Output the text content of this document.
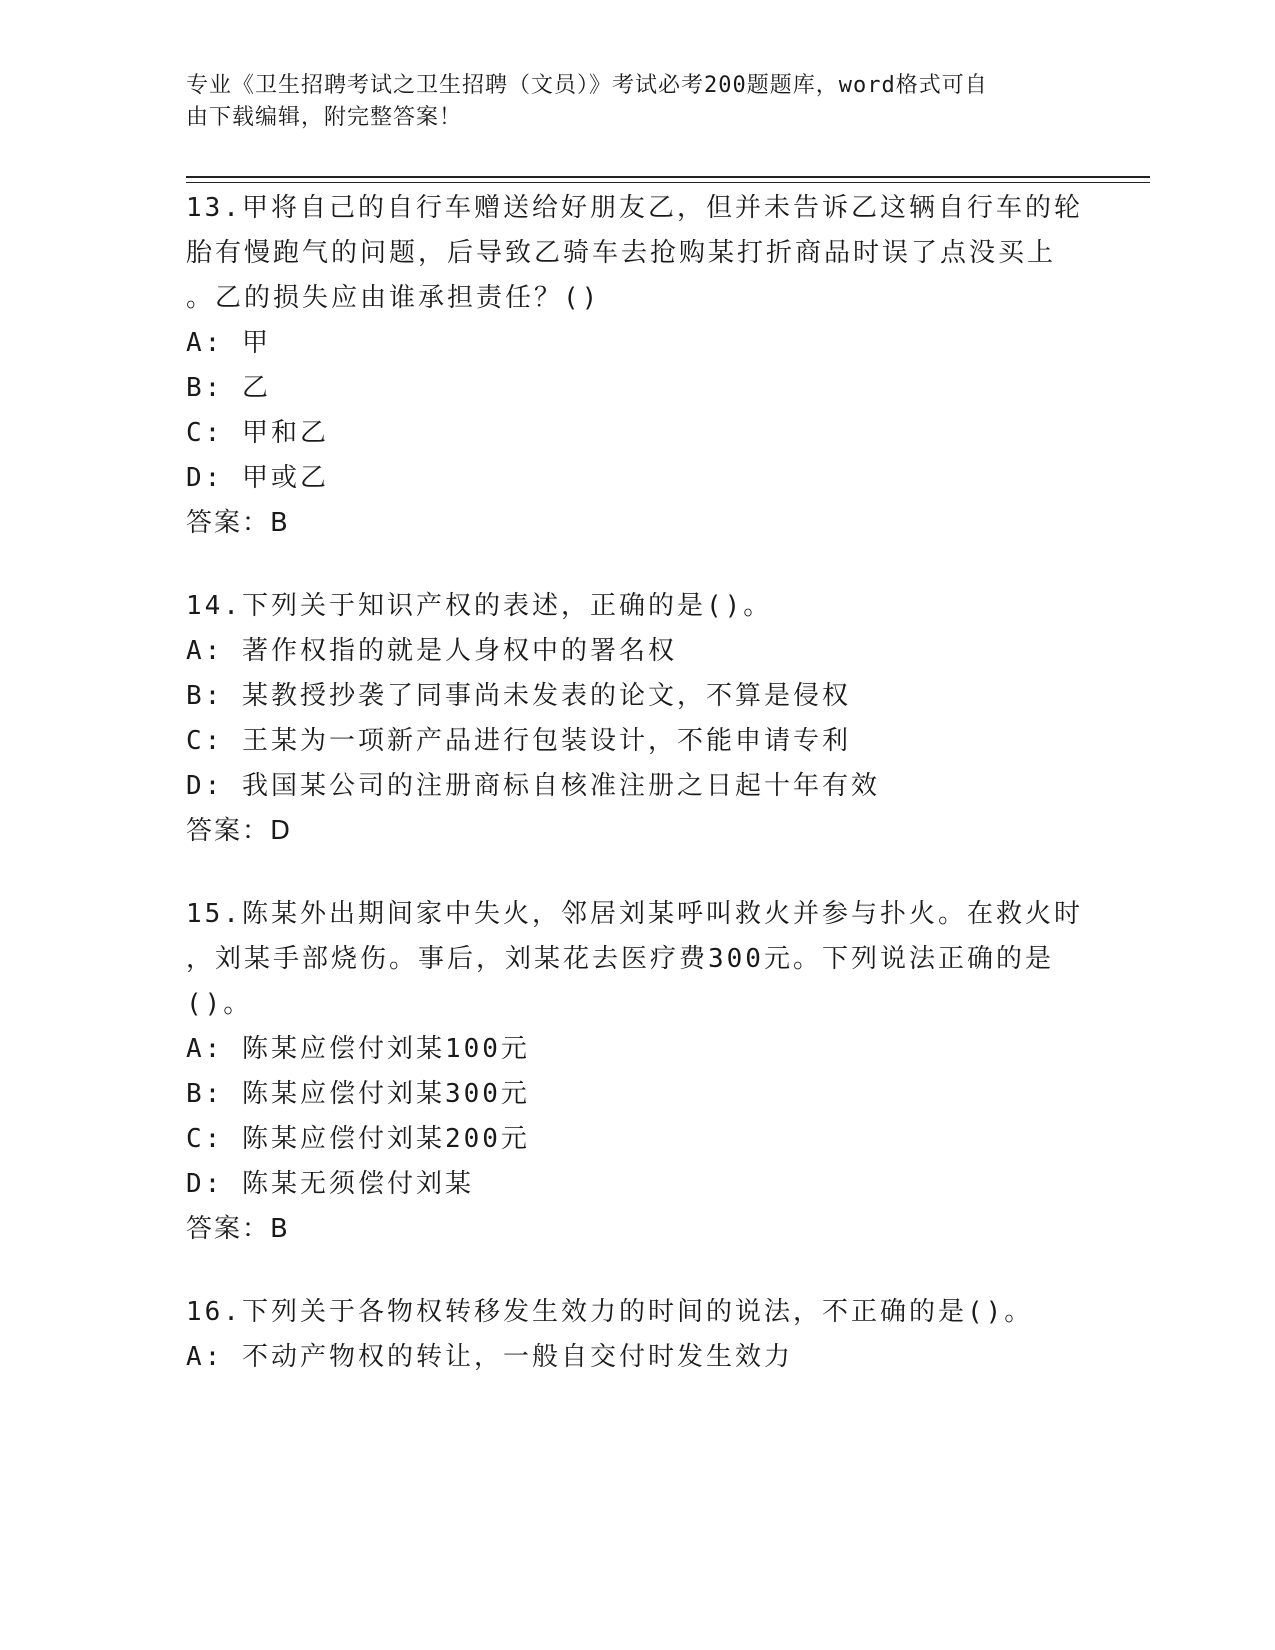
专业《卫生招聘考试之卫生招聘（文员）》考试必考200题题库，word格式可自
由下载编辑，附完整答案！
13.甲将自己的自行车赠送给好朋友乙，但并未告诉乙这辆自行车的轮
胎有慢跑气的问题，后导致乙骑车去抢购某打折商品时误了点没买上
。乙的损失应由谁承担责任？()
A: 甲
B: 乙
C: 甲和乙
D: 甲或乙
答案：B
14.下列关于知识产权的表述，正确的是()。
A: 著作权指的就是人身权中的署名权
B: 某教授抄袭了同事尚未发表的论文，不算是侵权
C: 王某为一项新产品进行包装设计，不能申请专利
D: 我国某公司的注册商标自核准注册之日起十年有效
答案：D
15.陈某外出期间家中失火，邻居刘某呼叫救火并参与扑火。在救火时
，刘某手部烧伤。事后，刘某花去医疗费300元。下列说法正确的是
()。
A: 陈某应偿付刘某100元
B: 陈某应偿付刘某300元
C: 陈某应偿付刘某200元
D: 陈某无须偿付刘某
答案：B
16.下列关于各物权转移发生效力的时间的说法，不正确的是()。
A: 不动产物权的转让，一般自交付时发生效力
